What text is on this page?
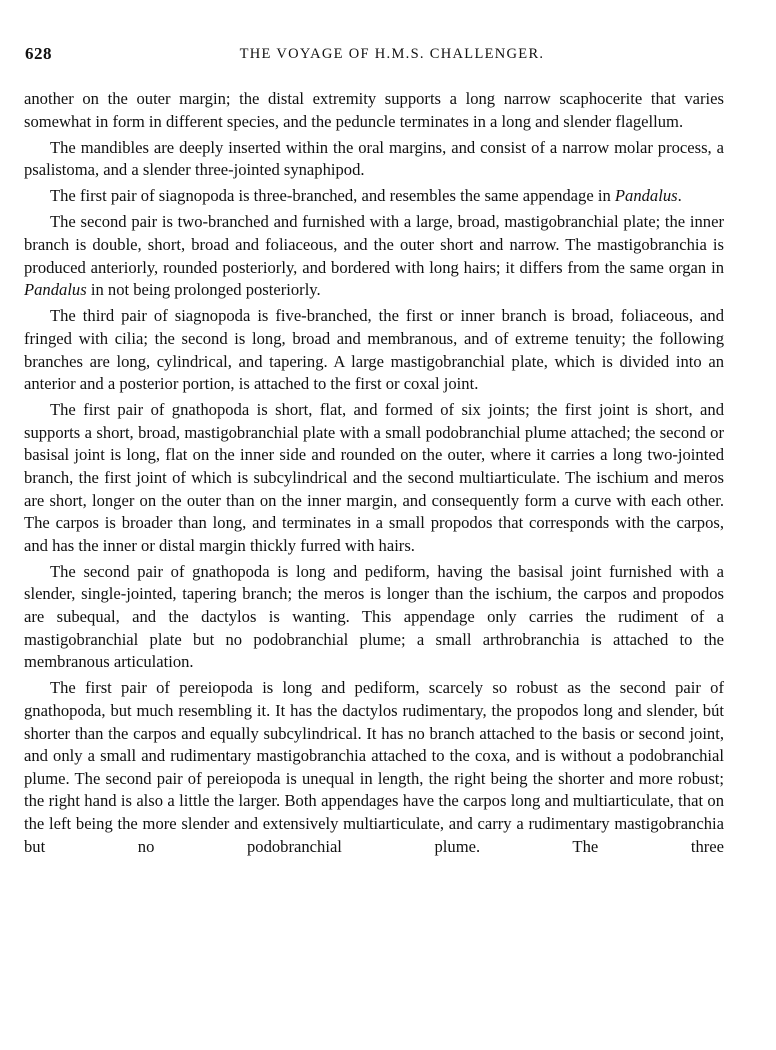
628	THE VOYAGE OF H.M.S. CHALLENGER.

another on the outer margin; the distal extremity supports a long narrow scaphocerite that varies somewhat in form in different species, and the peduncle terminates in a long and slender flagellum.

The mandibles are deeply inserted within the oral margins, and consist of a narrow molar process, a psalistoma, and a slender three-jointed synaphipod.

The first pair of siagnopoda is three-branched, and resembles the same appendage in Pandalus.

The second pair is two-branched and furnished with a large, broad, mastigobranchial plate; the inner branch is double, short, broad and foliaceous, and the outer short and narrow. The mastigobranchia is produced anteriorly, rounded posteriorly, and bordered with long hairs; it differs from the same organ in Pandalus in not being prolonged posteriorly.

The third pair of siagnopoda is five-branched, the first or inner branch is broad, foliaceous, and fringed with cilia; the second is long, broad and membranous, and of extreme tenuity; the following branches are long, cylindrical, and tapering. A large mastigobranchial plate, which is divided into an anterior and a posterior portion, is attached to the first or coxal joint.

The first pair of gnathopoda is short, flat, and formed of six joints; the first joint is short, and supports a short, broad, mastigobranchial plate with a small podobranchial plume attached; the second or basisal joint is long, flat on the inner side and rounded on the outer, where it carries a long two-jointed branch, the first joint of which is subcylindrical and the second multiarticulate. The ischium and meros are short, longer on the outer than on the inner margin, and consequently form a curve with each other. The carpos is broader than long, and terminates in a small propodos that corresponds with the carpos, and has the inner or distal margin thickly furred with hairs.

The second pair of gnathopoda is long and pediform, having the basisal joint furnished with a slender, single-jointed, tapering branch; the meros is longer than the ischium, the carpos and propodos are subequal, and the dactylos is wanting. This appendage only carries the rudiment of a mastigobranchial plate but no podobranchial plume; a small arthrobranchia is attached to the membranous articulation.

The first pair of pereiopoda is long and pediform, scarcely so robust as the second pair of gnathopoda, but much resembling it. It has the dactylos rudimentary, the propodos long and slender, bút shorter than the carpos and equally subcylindrical. It has no branch attached to the basis or second joint, and only a small and rudimentary mastigobranchia attached to the coxa, and is without a podobranchial plume. The second pair of pereiopoda is unequal in length, the right being the shorter and more robust; the right hand is also a little the larger. Both appendages have the carpos long and multiarticulate, that on the left being the more slender and extensively multiarticulate, and carry a rudimentary mastigobranchia but no podobranchial plume. The three
